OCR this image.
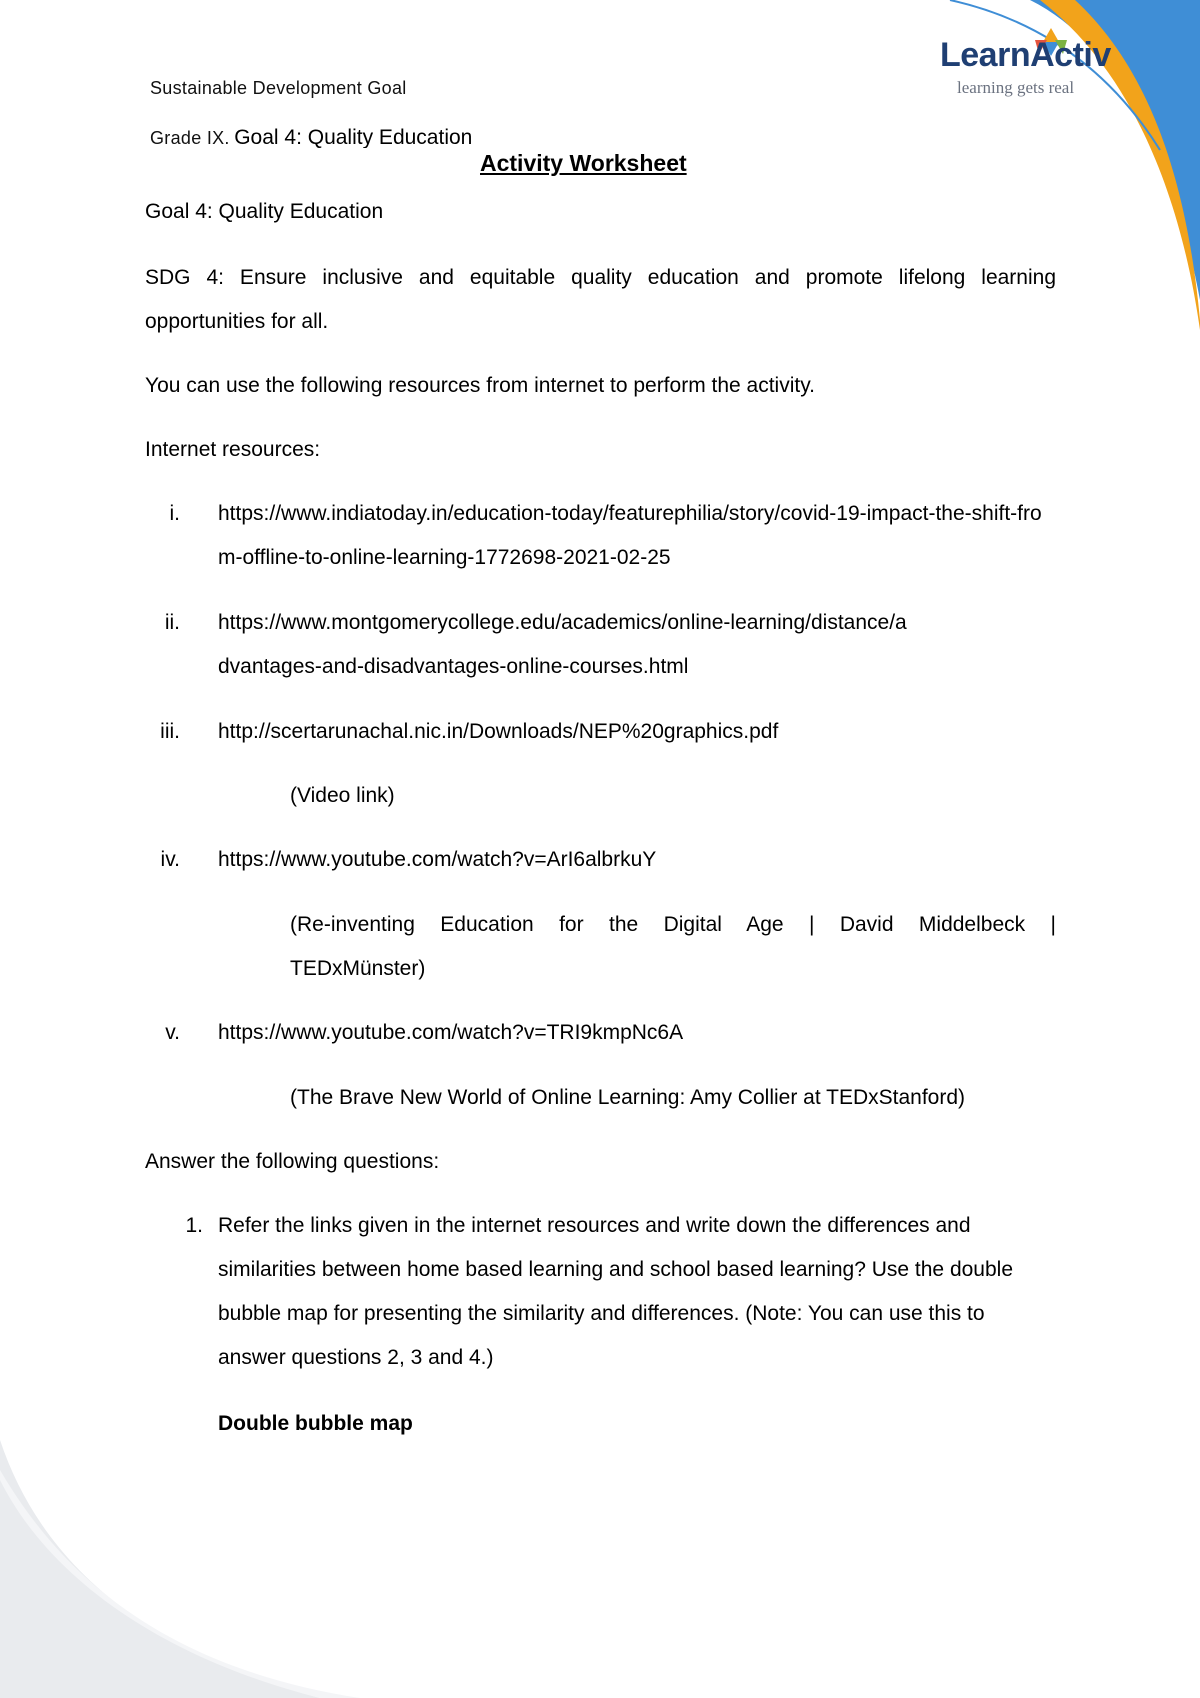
Sustainable Development Goal
Grade IX. Goal 4: Quality Education
LearnActiv
learning gets real
Activity Worksheet
Goal 4: Quality Education
SDG 4: Ensure inclusive and equitable quality education and promote lifelong learning opportunities for all.
You can use the following resources from internet to perform the activity.
Internet resources:
i. https://www.indiatoday.in/education-today/featurephilia/story/covid-19-impact-the-shift-from-offline-to-online-learning-1772698-2021-02-25
ii. https://www.montgomerycollege.edu/academics/online-learning/distance/advantages-and-disadvantages-online-courses.html
iii. http://scertarunachal.nic.in/Downloads/NEP%20graphics.pdf
(Video link)
iv. https://www.youtube.com/watch?v=ArI6albrkuY
(Re-inventing Education for the Digital Age | David Middelbeck | TEDxMünster)
v. https://www.youtube.com/watch?v=TRI9kmpNc6A
(The Brave New World of Online Learning: Amy Collier at TEDxStanford)
Answer the following questions:
1. Refer the links given in the internet resources and write down the differences and similarities between home based learning and school based learning? Use the double bubble map for presenting the similarity and differences. (Note: You can use this to answer questions 2, 3 and 4.)
Double bubble map
